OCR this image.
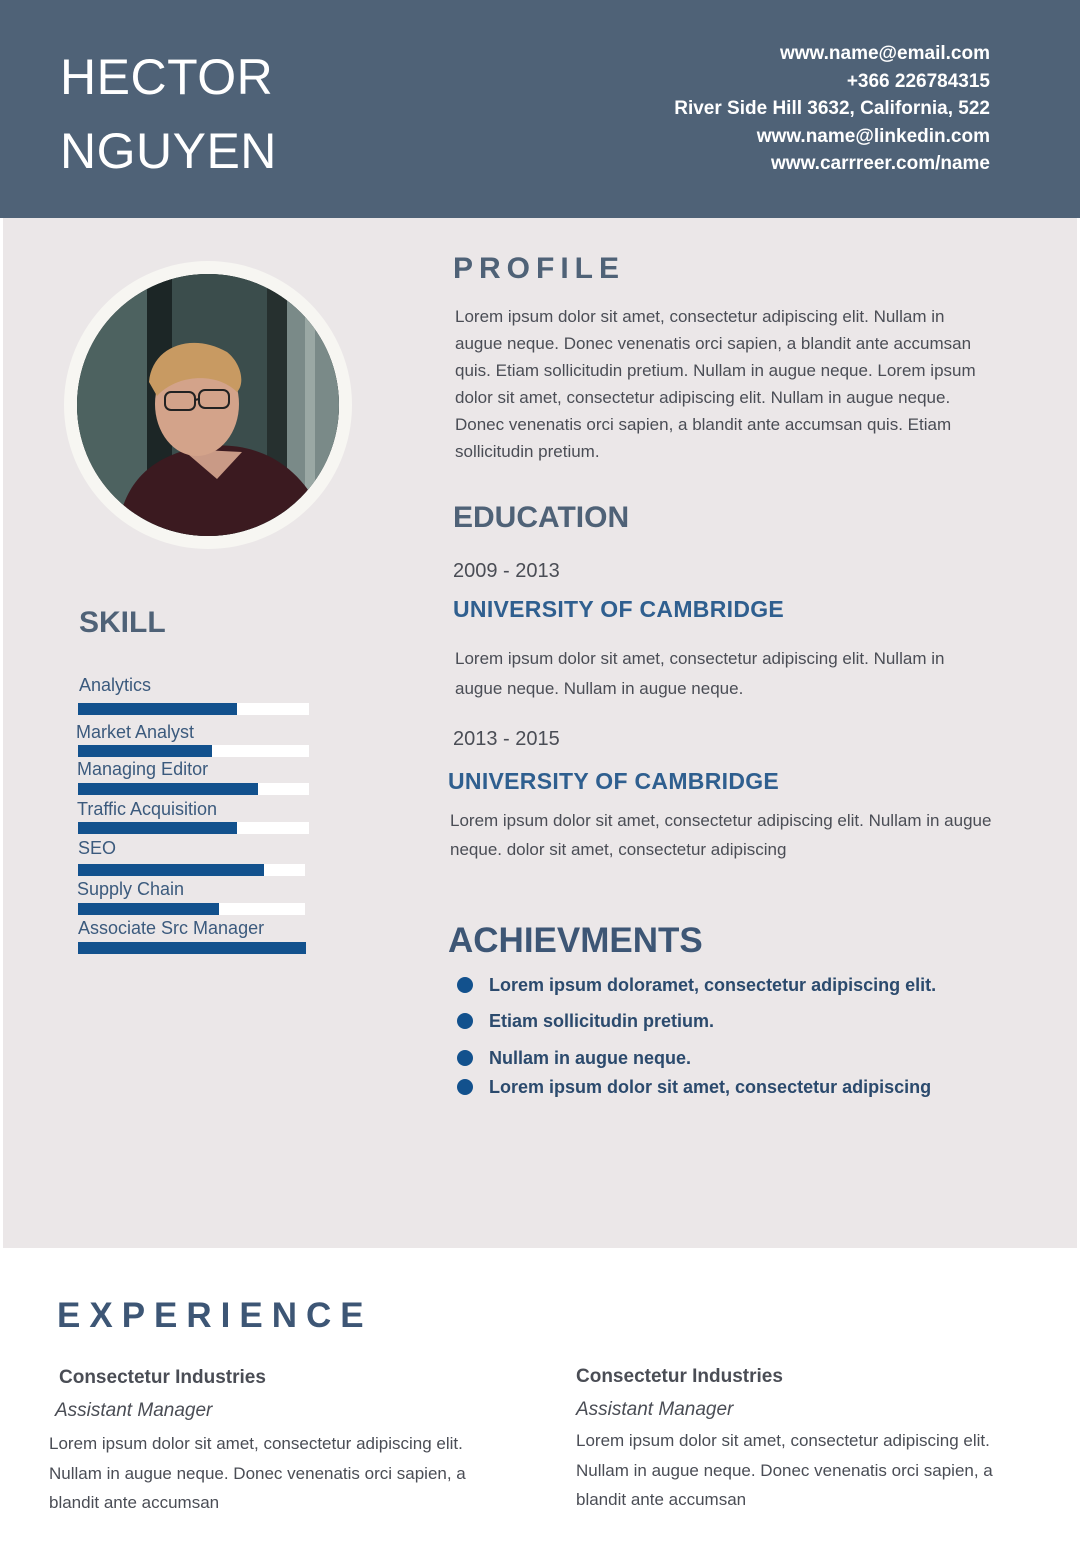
HECTOR
NGUYEN
www.name@email.com
+366 226784315
River Side Hill 3632, California, 522
www.name@linkedin.com
www.carrreer.com/name
PROFILE
Lorem ipsum dolor sit amet, consectetur adipiscing elit. Nullam in augue neque. Donec venenatis orci sapien, a blandit ante accumsan quis. Etiam sollicitudin pretium. Nullam in augue neque. Lorem ipsum dolor sit amet, consectetur adipiscing elit. Nullam in augue neque. Donec venenatis orci sapien, a blandit ante accumsan quis. Etiam sollicitudin pretium.
EDUCATION
2009 - 2013
UNIVERSITY OF CAMBRIDGE
Lorem ipsum dolor sit amet, consectetur adipiscing elit. Nullam in augue neque. Nullam in augue neque.
2013 - 2015
UNIVERSITY OF CAMBRIDGE
Lorem ipsum dolor sit amet, consectetur adipiscing elit. Nullam in augue neque. dolor sit amet, consectetur adipiscing
SKILL
Analytics
Market Analyst
Managing Editor
Traffic Acquisition
SEO
Supply Chain
Associate Src Manager	ACHIEVMENTS
Lorem ipsum doloramet, consectetur adipiscing elit.
Etiam sollicitudin pretium.
Nullam in augue neque.
Lorem ipsum dolor sit amet, consectetur adipiscing
EXPERIENCE
Consectetur Industries
Assistant Manager
Lorem ipsum dolor sit amet, consectetur adipiscing elit. Nullam in augue neque. Donec venenatis orci sapien, a blandit ante accumsan
Consectetur Industries
Assistant Manager
Lorem ipsum dolor sit amet, consectetur adipiscing elit. Nullam in augue neque. Donec venenatis orci sapien, a blandit ante accumsan
